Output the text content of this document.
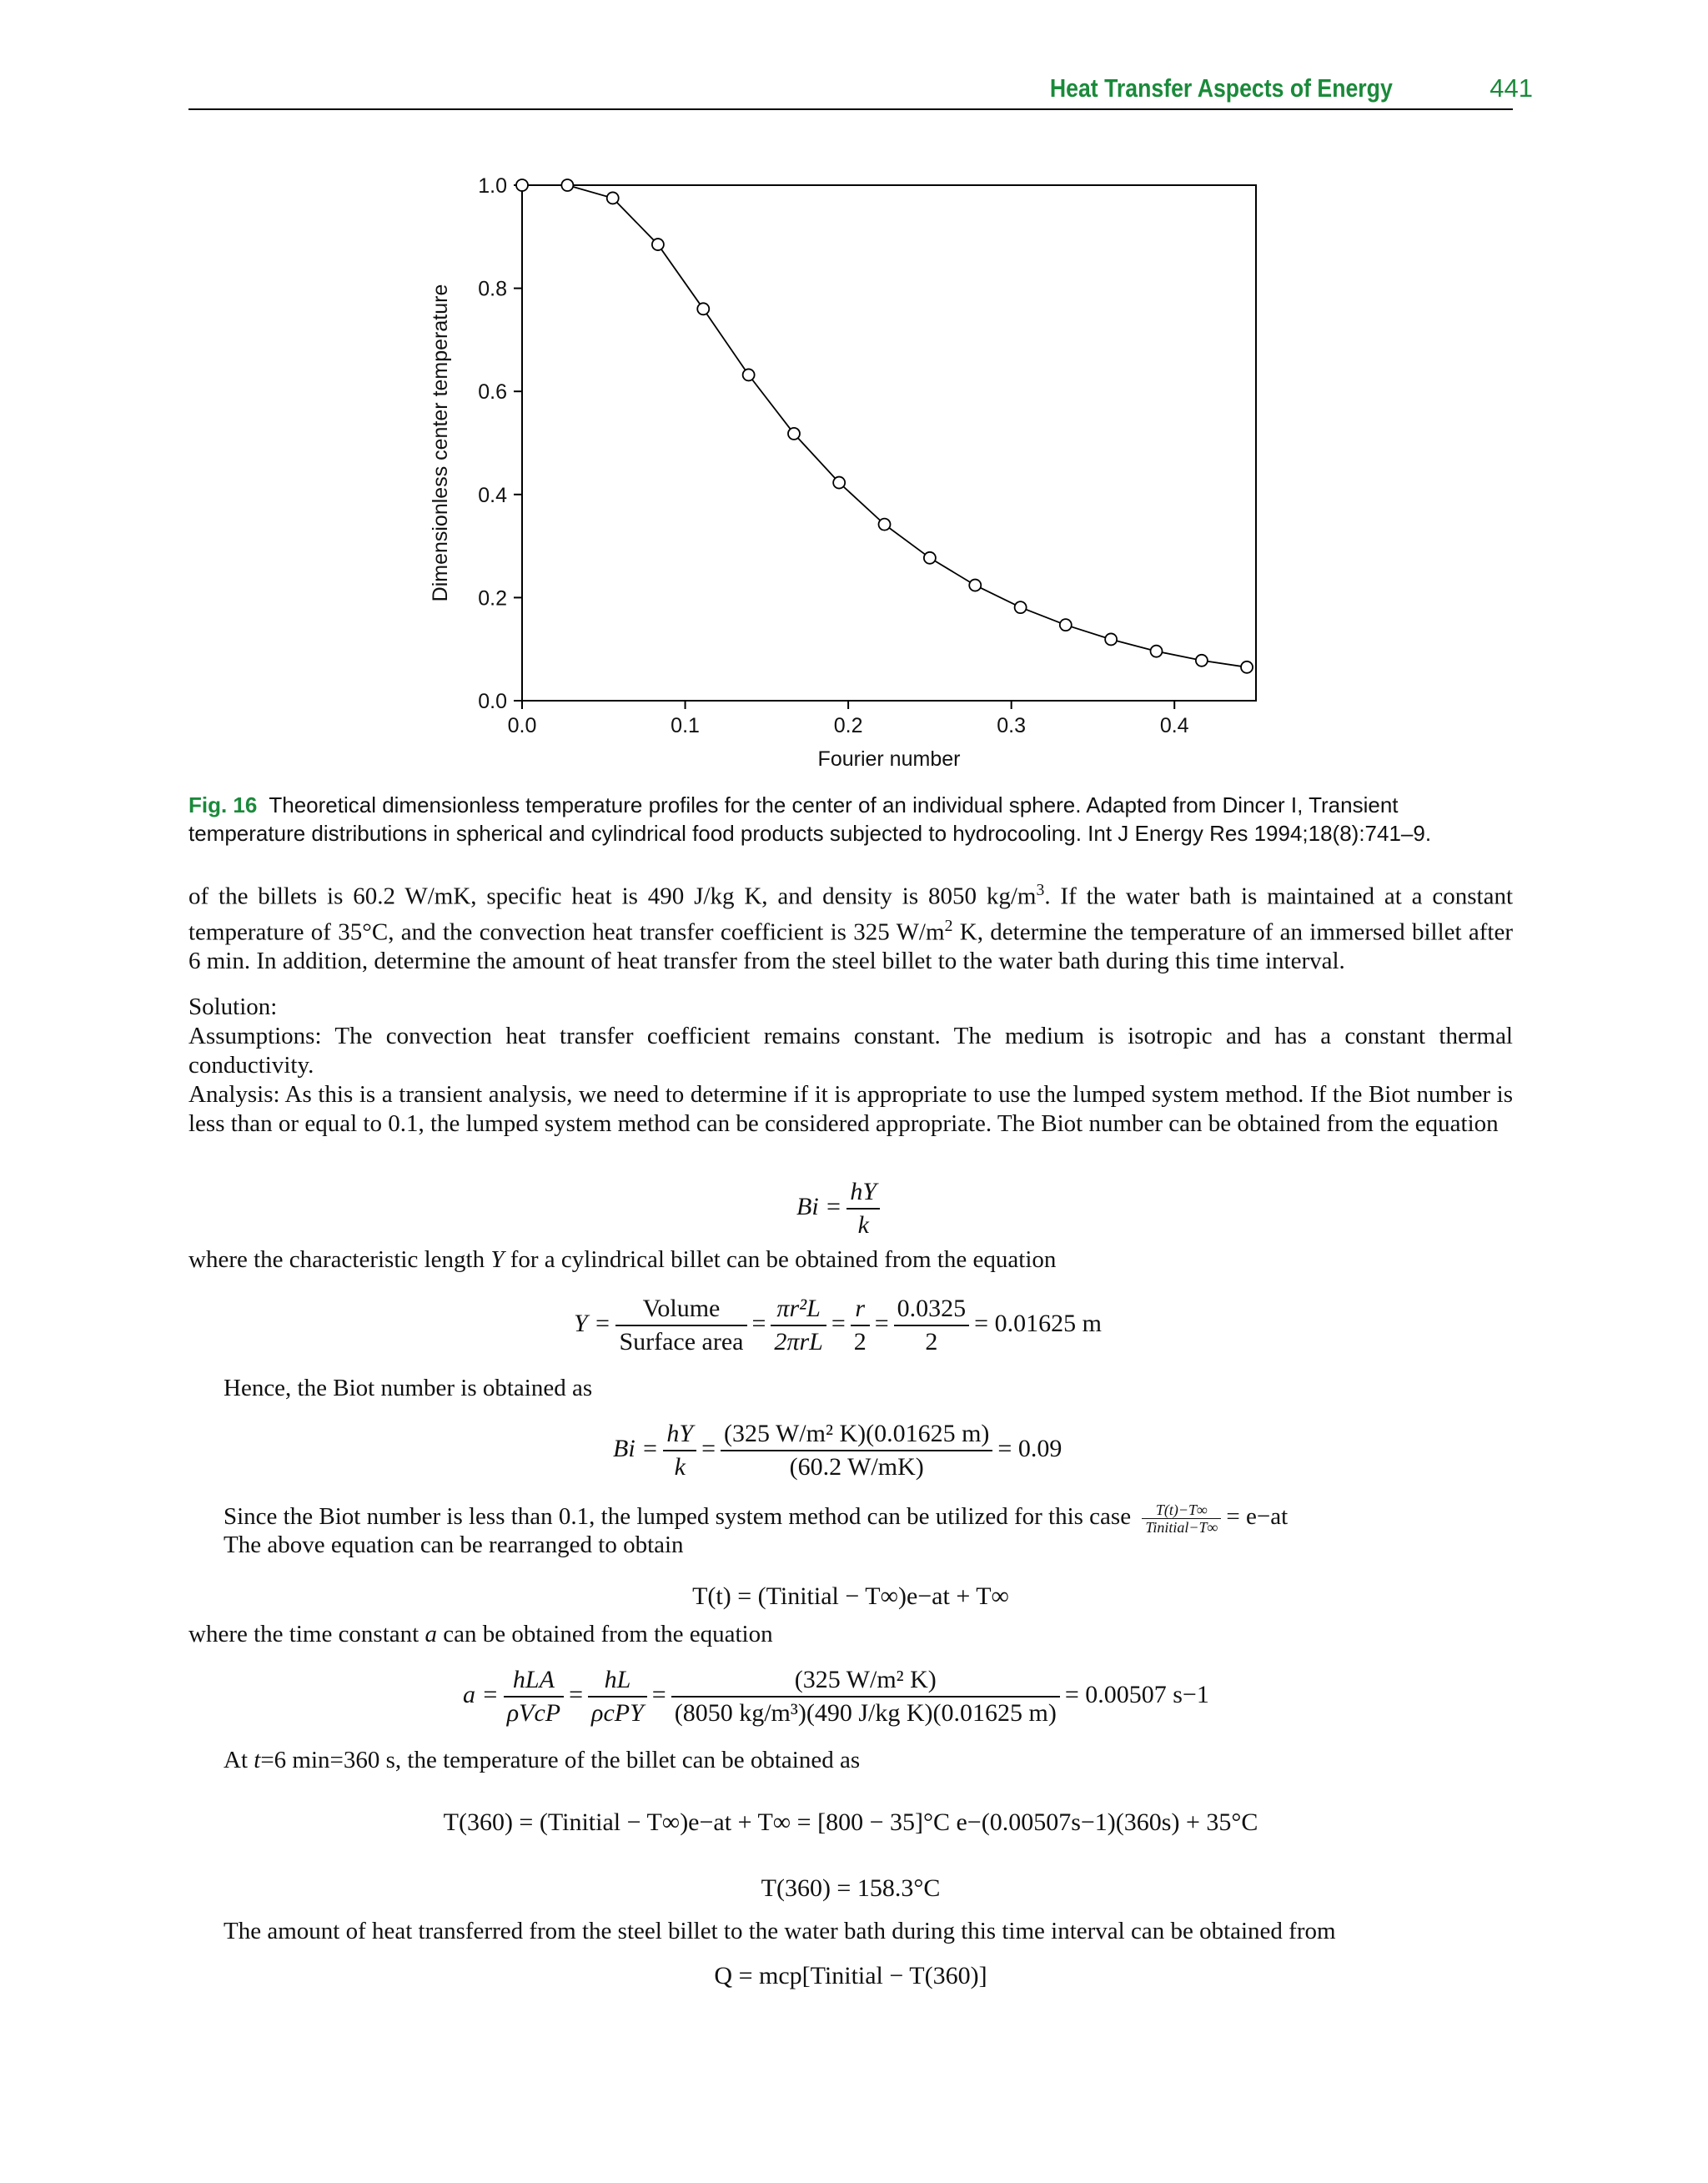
Heat Transfer Aspects of Energy	441
0.0
0.2
0.4
0.6
0.8
1.0
0.0	0.1	0.2	0.3	0.4
Fourier number
Dimensionless center temperature
Fig. 16 Theoretical dimensionless temperature profiles for the center of an individual sphere. Adapted from Dincer I, Transient temperature distributions in spherical and cylindrical food products subjected to hydrocooling. Int J Energy Res 1994;18(8):741–9.
of the billets is 60.2 W/mK, specific heat is 490 J/kg K, and density is 8050 $kg/m^3$. If the water bath is maintained at a constant temperature of 35°C, and the convection heat transfer coefficient is 325 $W/m^2$ K, determine the temperature of an immersed billet after 6 min. In addition, determine the amount of heat transfer from the steel billet to the water bath during this time interval.
Solution:
Assumptions: The convection heat transfer coefficient remains constant. The medium is isotropic and has a constant thermal conductivity.
Analysis: As this is a transient analysis, we need to determine if it is appropriate to use the lumped system method. If the Biot number is less than or equal to 0.1, the lumped system method can be considered appropriate. The Biot number can be obtained from the equation
$Bi = \frac{hY}{k}$
where the characteristic length Y for a cylindrical billet can be obtained from the equation
$Y = \frac{\text{Volume}}{\text{Surface area}} = \frac{\text{πr²L}}{\text{2πrL}} = \frac{r}{2} = \frac{0.0325}{2} = 0.01625$ m
Hence, the Biot number is obtained as
$Bi = \frac{hY}{k} = \frac{\text{(325 W/m² K)(0.01625 m)}}{(60.2 W/mK)} = 0.09$
Since the Biot number is less than 0.1, the lumped system method can be utilized for this case $\frac{T(t)-T\infty}{\text{Tinitial−T∞}} = e-at$
The above equation can be rearranged to obtain
T(t) = (Tinitial − T∞)e−at + T∞
where the time constant a can be obtained from the equation
$a = \frac{\text{hLA}}{\text{ρVcP}} = \frac{hL}{\text{ρcPY}} = \frac{\text{(325 W/m² K)}}{\text{(8050 kg/m³)(490 J/kg K)(0.01625 m)}} = 0.00507$ s−1
At t=6 min=360 s, the temperature of the billet can be obtained as
T(360) = (Tinitial − T∞)e−at + T∞ = [800 − 35]°C e−(0.00507s−1)(360s) + 35°C
T(360) = 158.3°C
The amount of heat transferred from the steel billet to the water bath during this time interval can be obtained from
Q = mcp[Tinitial − T(360)]
